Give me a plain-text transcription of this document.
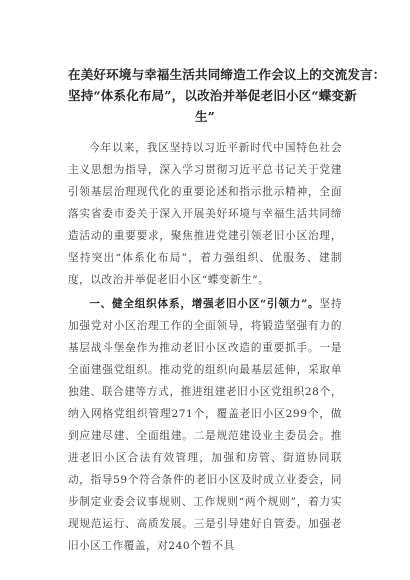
在美好环境与幸福生活共同缔造工作会议上的交流发言：
坚持“体系化布局”，以改治并举促老旧小区“蝶变新
生”

今年以来，我区坚持以习近平新时代中国特色社会主义思想为指导，深入学习贯彻习近平总书记关于党建引领基层治理现代化的重要论述和指示批示精神，全面落实省委市委关于深入开展美好环境与幸福生活共同缔造活动的重要要求，聚焦推进党建引领老旧小区治理，坚持突出“体系化布局”，着力强组织、优服务、建制度，以改治并举促老旧小区“蝶变新生”。

一、健全组织体系，增强老旧小区“引领力”。坚持加强党对小区治理工作的全面领导，将锻造坚强有力的基层战斗堡垒作为推动老旧小区改造的重要抓手。一是全面建强党组织。推动党的组织向最基层延伸，采取单独建、联合建等方式，推进组建老旧小区党组织28个，纳入网格党组织管理271个，覆盖老旧小区299个，做到应建尽建、全面组建。二是规范建设业主委员会。推进老旧小区合法有效管理，加强和房管、街道协同联动，指导59个符合条件的老旧小区及时成立业委会，同步制定业委会议事规则、工作规则“两个规则”，着力实现规范运行、高质发展。三是引导建好自管委。加强老旧小区工作覆盖，对240个暂不具
